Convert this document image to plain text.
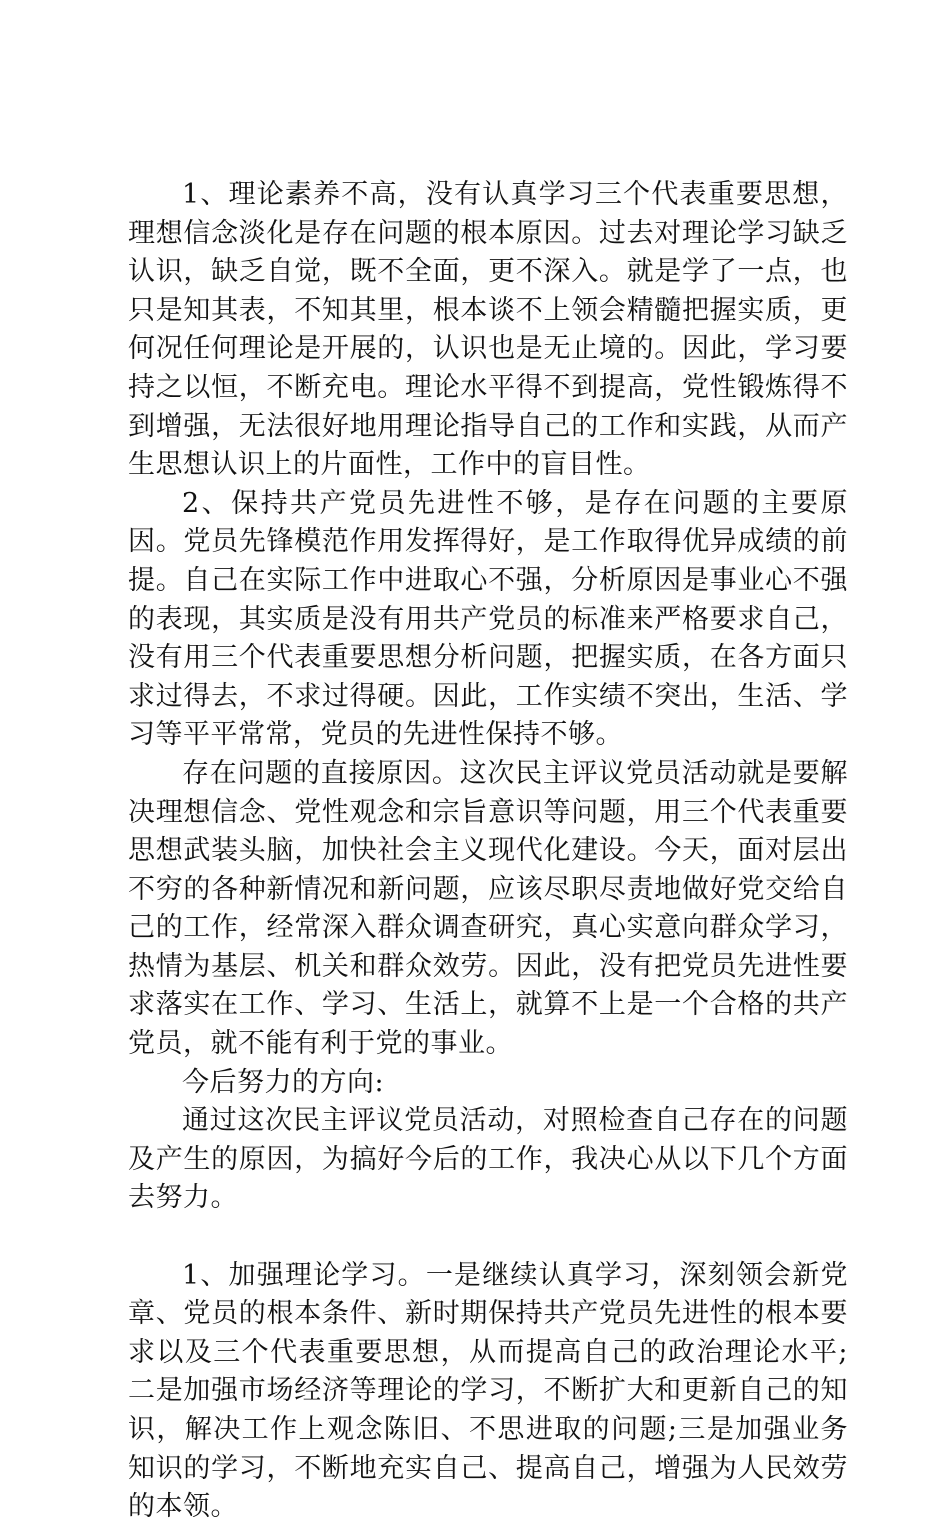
1、理论素养不高，没有认真学习三个代表重要思想，理想信念淡化是存在问题的根本原因。过去对理论学习缺乏认识，缺乏自觉，既不全面，更不深入。就是学了一点，也只是知其表，不知其里，根本谈不上领会精髓把握实质，更何况任何理论是开展的，认识也是无止境的。因此，学习要持之以恒，不断充电。理论水平得不到提高，党性锻炼得不到增强，无法很好地用理论指导自己的工作和实践，从而产生思想认识上的片面性，工作中的盲目性。

2、保持共产党员先进性不够，是存在问题的主要原因。党员先锋模范作用发挥得好，是工作取得优异成绩的前提。自己在实际工作中进取心不强，分析原因是事业心不强的表现，其实质是没有用共产党员的标准来严格要求自己，没有用三个代表重要思想分析问题，把握实质，在各方面只求过得去，不求过得硬。因此，工作实绩不突出，生活、学习等平平常常，党员的先进性保持不够。

存在问题的直接原因。这次民主评议党员活动就是要解决理想信念、党性观念和宗旨意识等问题，用三个代表重要思想武装头脑，加快社会主义现代化建设。今天，面对层出不穷的各种新情况和新问题，应该尽职尽责地做好党交给自己的工作，经常深入群众调查研究，真心实意向群众学习，热情为基层、机关和群众效劳。因此，没有把党员先进性要求落实在工作、学习、生活上，就算不上是一个合格的共产党员，就不能有利于党的事业。

今后努力的方向:

通过这次民主评议党员活动，对照检查自己存在的问题及产生的原因，为搞好今后的工作，我决心从以下几个方面去努力。

1、加强理论学习。一是继续认真学习，深刻领会新党章、党员的根本条件、新时期保持共产党员先进性的根本要求以及三个代表重要思想，从而提高自己的政治理论水平;二是加强市场经济等理论的学习，不断扩大和更新自己的知识，解决工作上观念陈旧、不思进取的问题;三是加强业务知识的学习，不断地充实自己、提高自己，增强为人民效劳的本领。
